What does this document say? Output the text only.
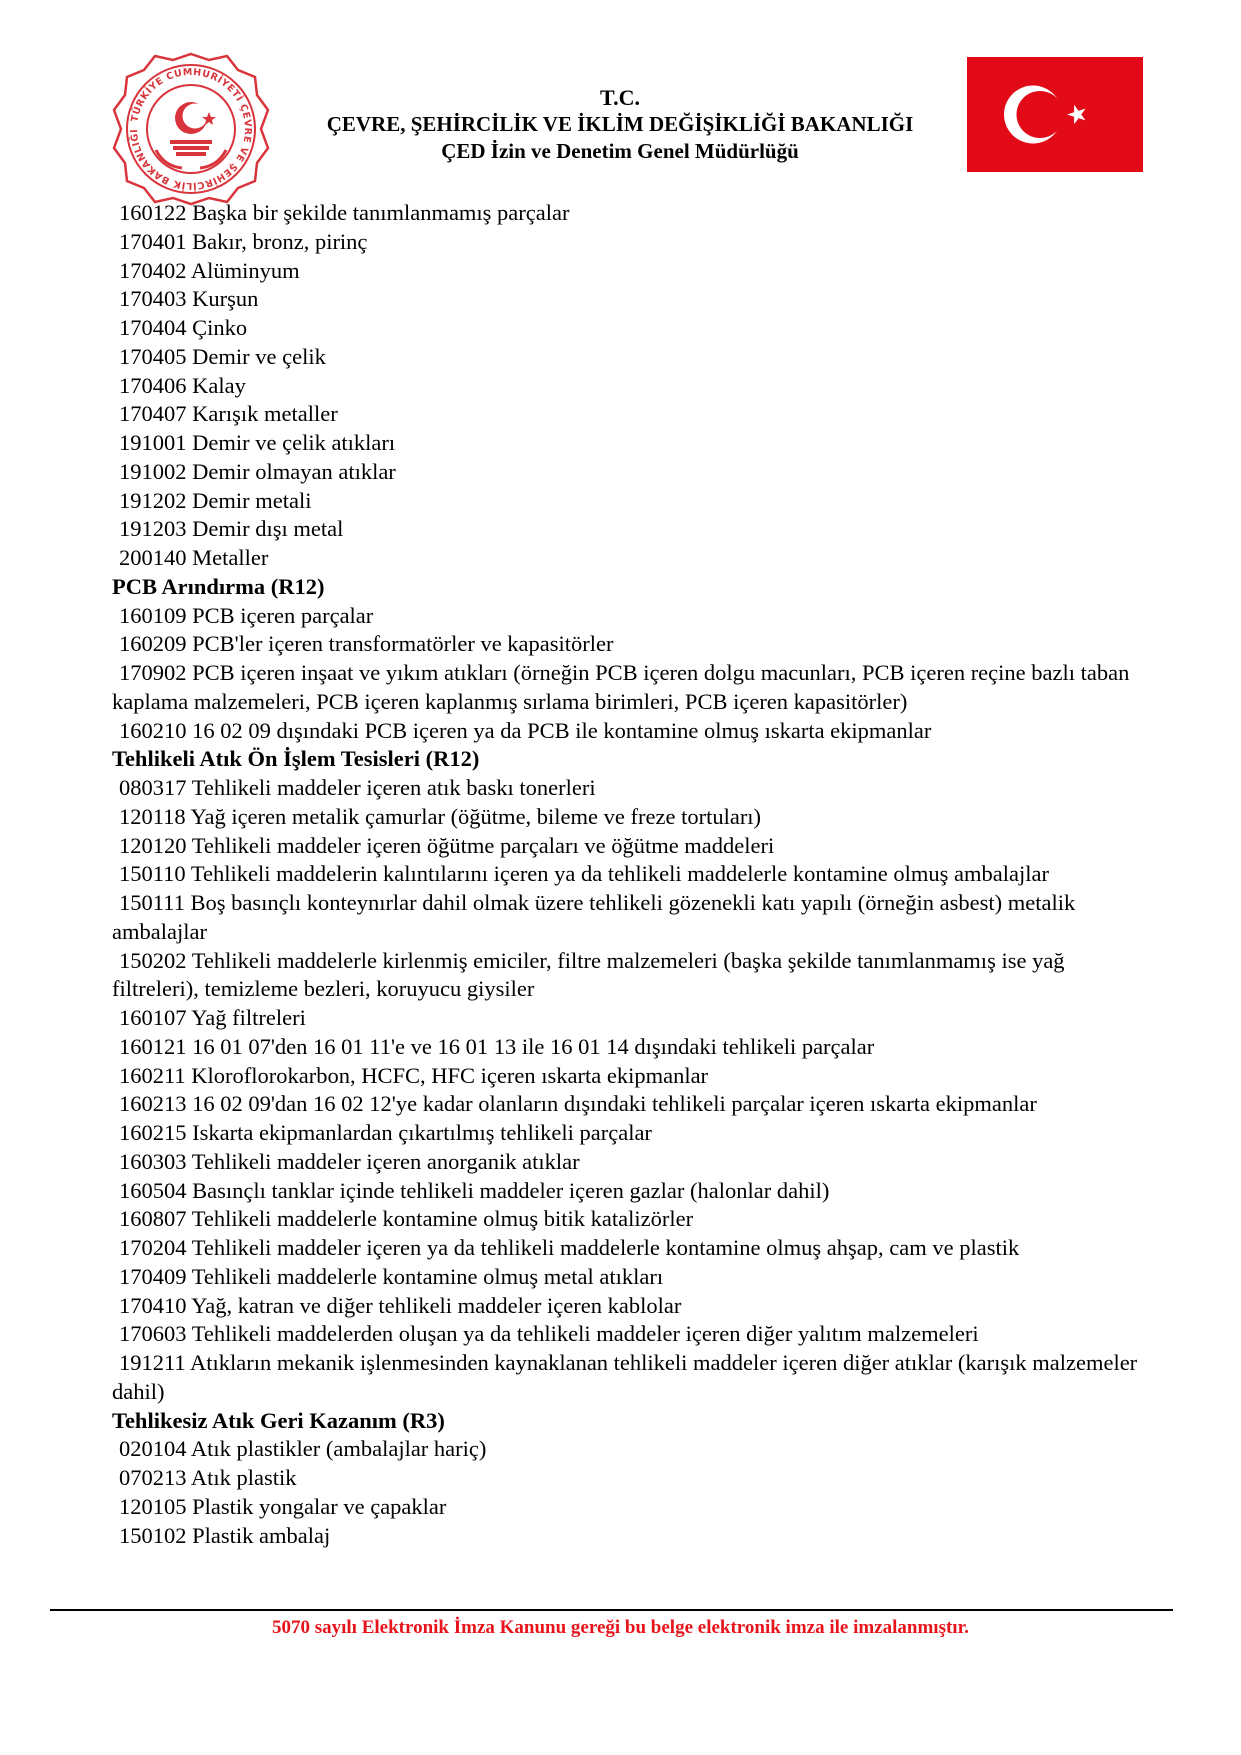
TÜRKİYE CUMHURİYETİ ÇEVRE VE ŞEHİRCİLİK BAKANLIĞI
T.C.
ÇEVRE, ŞEHİRCİLİK VE İKLİM DEĞİŞİKLİĞİ BAKANLIĞI
ÇED İzin ve Denetim Genel Müdürlüğü
160122 Başka bir şekilde tanımlanmamış parçalar
170401 Bakır, bronz, pirinç
170402 Alüminyum
170403 Kurşun
170404 Çinko
170405 Demir ve çelik
170406 Kalay
170407 Karışık metaller
191001 Demir ve çelik atıkları
191002 Demir olmayan atıklar
191202 Demir metali
191203 Demir dışı metal
200140 Metaller
PCB Arındırma (R12)
160109 PCB içeren parçalar
160209 PCB'ler içeren transformatörler ve kapasitörler
170902 PCB içeren inşaat ve yıkım atıkları (örneğin PCB içeren dolgu macunları, PCB içeren reçine bazlı taban kaplama malzemeleri, PCB içeren kaplanmış sırlama birimleri, PCB içeren kapasitörler)
160210 16 02 09 dışındaki PCB içeren ya da PCB ile kontamine olmuş ıskarta ekipmanlar
Tehlikeli Atık Ön İşlem Tesisleri (R12)
080317 Tehlikeli maddeler içeren atık baskı tonerleri
120118 Yağ içeren metalik çamurlar (öğütme, bileme ve freze tortuları)
120120 Tehlikeli maddeler içeren öğütme parçaları ve öğütme maddeleri
150110 Tehlikeli maddelerin kalıntılarını içeren ya da tehlikeli maddelerle kontamine olmuş ambalajlar
150111 Boş basınçlı konteynırlar dahil olmak üzere tehlikeli gözenekli katı yapılı (örneğin asbest) metalik ambalajlar
150202 Tehlikeli maddelerle kirlenmiş emiciler, filtre malzemeleri (başka şekilde tanımlanmamış ise yağ filtreleri), temizleme bezleri, koruyucu giysiler
160107 Yağ filtreleri
160121 16 01 07'den 16 01 11'e ve 16 01 13 ile 16 01 14 dışındaki tehlikeli parçalar
160211 Kloroflorokarbon, HCFC, HFC içeren ıskarta ekipmanlar
160213 16 02 09'dan 16 02 12'ye kadar olanların dışındaki tehlikeli parçalar içeren ıskarta ekipmanlar
160215 Iskarta ekipmanlardan çıkartılmış tehlikeli parçalar
160303 Tehlikeli maddeler içeren anorganik atıklar
160504 Basınçlı tanklar içinde tehlikeli maddeler içeren gazlar (halonlar dahil)
160807 Tehlikeli maddelerle kontamine olmuş bitik katalizörler
170204 Tehlikeli maddeler içeren ya da tehlikeli maddelerle kontamine olmuş ahşap, cam ve plastik
170409 Tehlikeli maddelerle kontamine olmuş metal atıkları
170410 Yağ, katran ve diğer tehlikeli maddeler içeren kablolar
170603 Tehlikeli maddelerden oluşan ya da tehlikeli maddeler içeren diğer yalıtım malzemeleri
191211 Atıkların mekanik işlenmesinden kaynaklanan tehlikeli maddeler içeren diğer atıklar (karışık malzemeler dahil)
Tehlikesiz Atık Geri Kazanım (R3)
020104 Atık plastikler (ambalajlar hariç)
070213 Atık plastik
120105 Plastik yongalar ve çapaklar
150102 Plastik ambalaj
5070 sayılı Elektronik İmza Kanunu gereği bu belge elektronik imza ile imzalanmıştır.
